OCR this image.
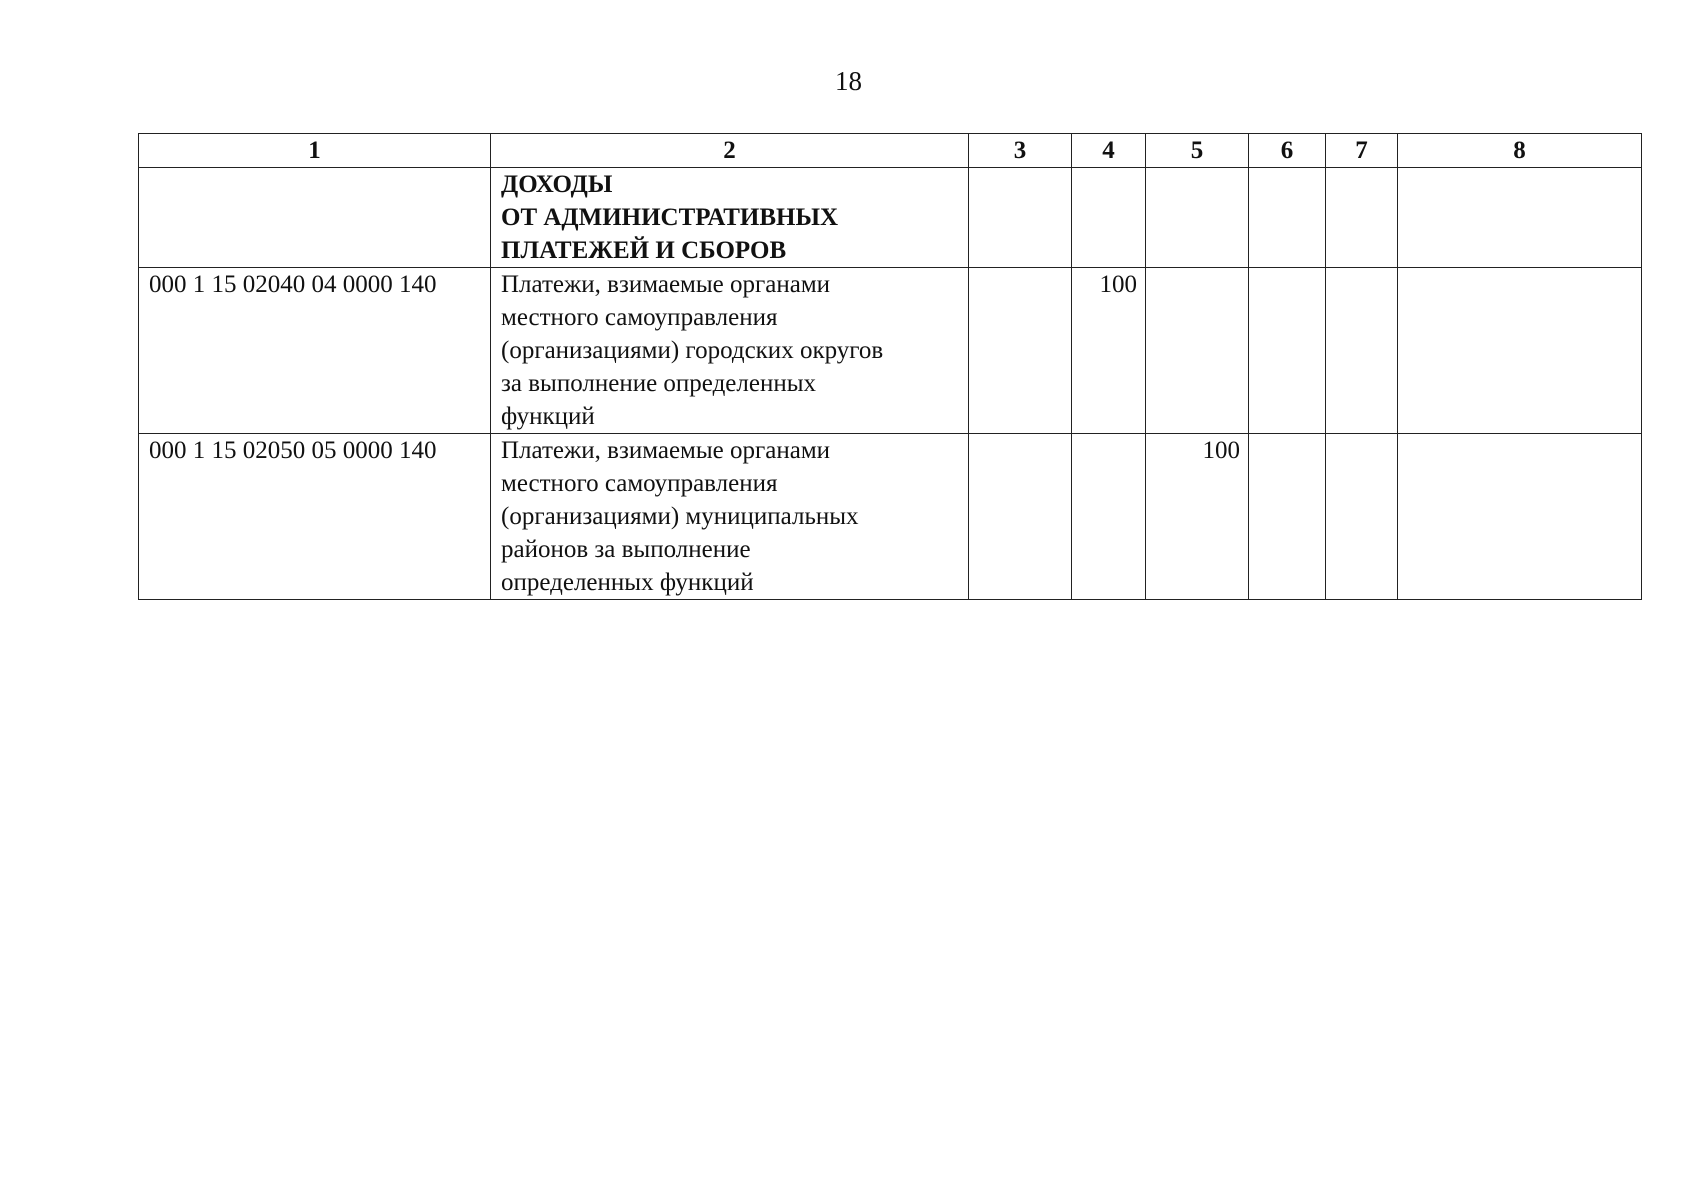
18
1	2	3	4	5	6	7	8
	ДОХОДЫ
ОТ АДМИНИСТРАТИВНЫХ
ПЛАТЕЖЕЙ И СБОРОВ						
000 1 15 02040 04 0000 140	Платежи, взимаемые органами
местного самоуправления
(организациями) городских округов
за выполнение определенных
функций		100				
000 1 15 02050 05 0000 140	Платежи, взимаемые органами
местного самоуправления
(организациями) муниципальных
районов за выполнение
определенных функций			100			
